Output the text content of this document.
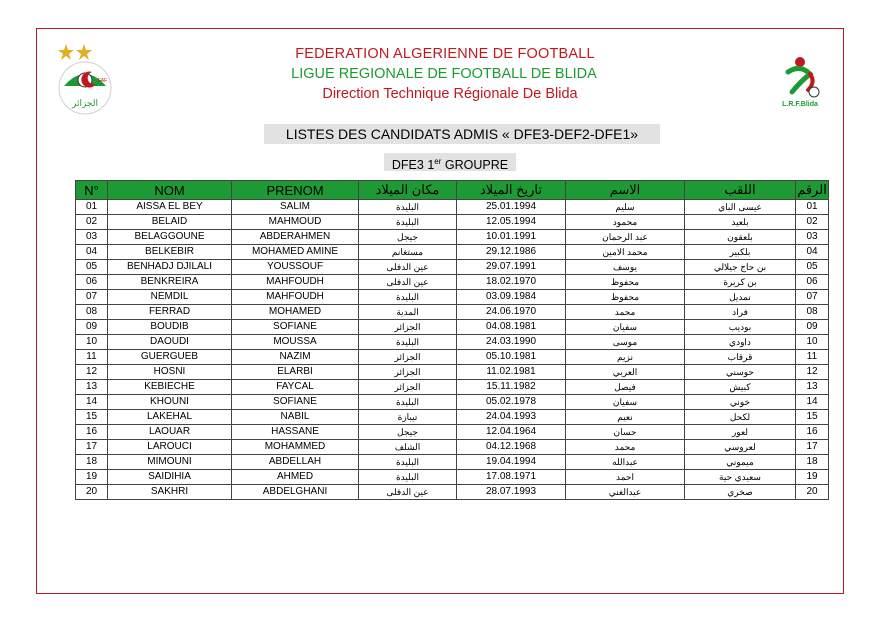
FAF
الجزائر	L.R.F.Blida
FEDERATION ALGERIENNE DE FOOTBALL
LIGUE REGIONALE DE FOOTBALL DE BLIDA
Direction Technique Régionale De Blida
LISTES DES CANDIDATS ADMIS « DFE3-DEF2-DFE1»
DFE3 1er GROUPRE
N°	NOM	PRENOM	مكان الميلاد	تاريخ الميلاد	الاسم	اللقب	الرقم
01	AISSA EL BEY	SALIM	البليدة	25.01.1994	سليم	عيسى الباي	01
02	BELAID	MAHMOUD	البليدة	12.05.1994	محمود	بلعيد	02
03	BELAGGOUNE	ABDERAHMEN	جيجل	10.01.1991	عبد الرحمان	بلعقون	03
04	BELKEBIR	MOHAMED AMINE	مستغانم	29.12.1986	محمد الامين	بلكبير	04
05	BENHADJ DJILALI	YOUSSOUF	عين الدفلى	29.07.1991	يوسف	بن حاج جيلالي	05
06	BENKREIRA	MAHFOUDH	عين الدفلى	18.02.1970	محفوظ	بن كريرة	06
07	NEMDIL	MAHFOUDH	البليدة	03.09.1984	محفوظ	نمديل	07
08	FERRAD	MOHAMED	المدية	24.06.1970	محمد	فراد	08
09	BOUDIB	SOFIANE	الجزائر	04.08.1981	سفيان	بوديب	09
10	DAOUDI	MOUSSA	البليدة	24.03.1990	موسى	داودي	10
11	GUERGUEB	NAZIM	الجزائر	05.10.1981	نزيم	قرقاب	11
12	HOSNI	ELARBI	الجزائر	11.02.1981	العربي	حوسني	12
13	KEBIECHE	FAYCAL	الجزائر	15.11.1982	فيصل	كبيش	13
14	KHOUNI	SOFIANE	البليدة	05.02.1978	سفيان	خوني	14
15	LAKEHAL	NABIL	تيبازة	24.04.1993	نعيم	لكحل	15
16	LAOUAR	HASSANE	جيجل	12.04.1964	حسان	لعور	16
17	LAROUCI	MOHAMMED	الشلف	04.12.1968	محمد	لعروسي	17
18	MIMOUNI	ABDELLAH	البليدة	19.04.1994	عبدالله	ميموني	18
19	SAIDIHIA	AHMED	البليدة	17.08.1971	احمد	سعيدي حية	19
20	SAKHRI	ABDELGHANI	عين الدفلى	28.07.1993	عبدالغني	صخري	20
